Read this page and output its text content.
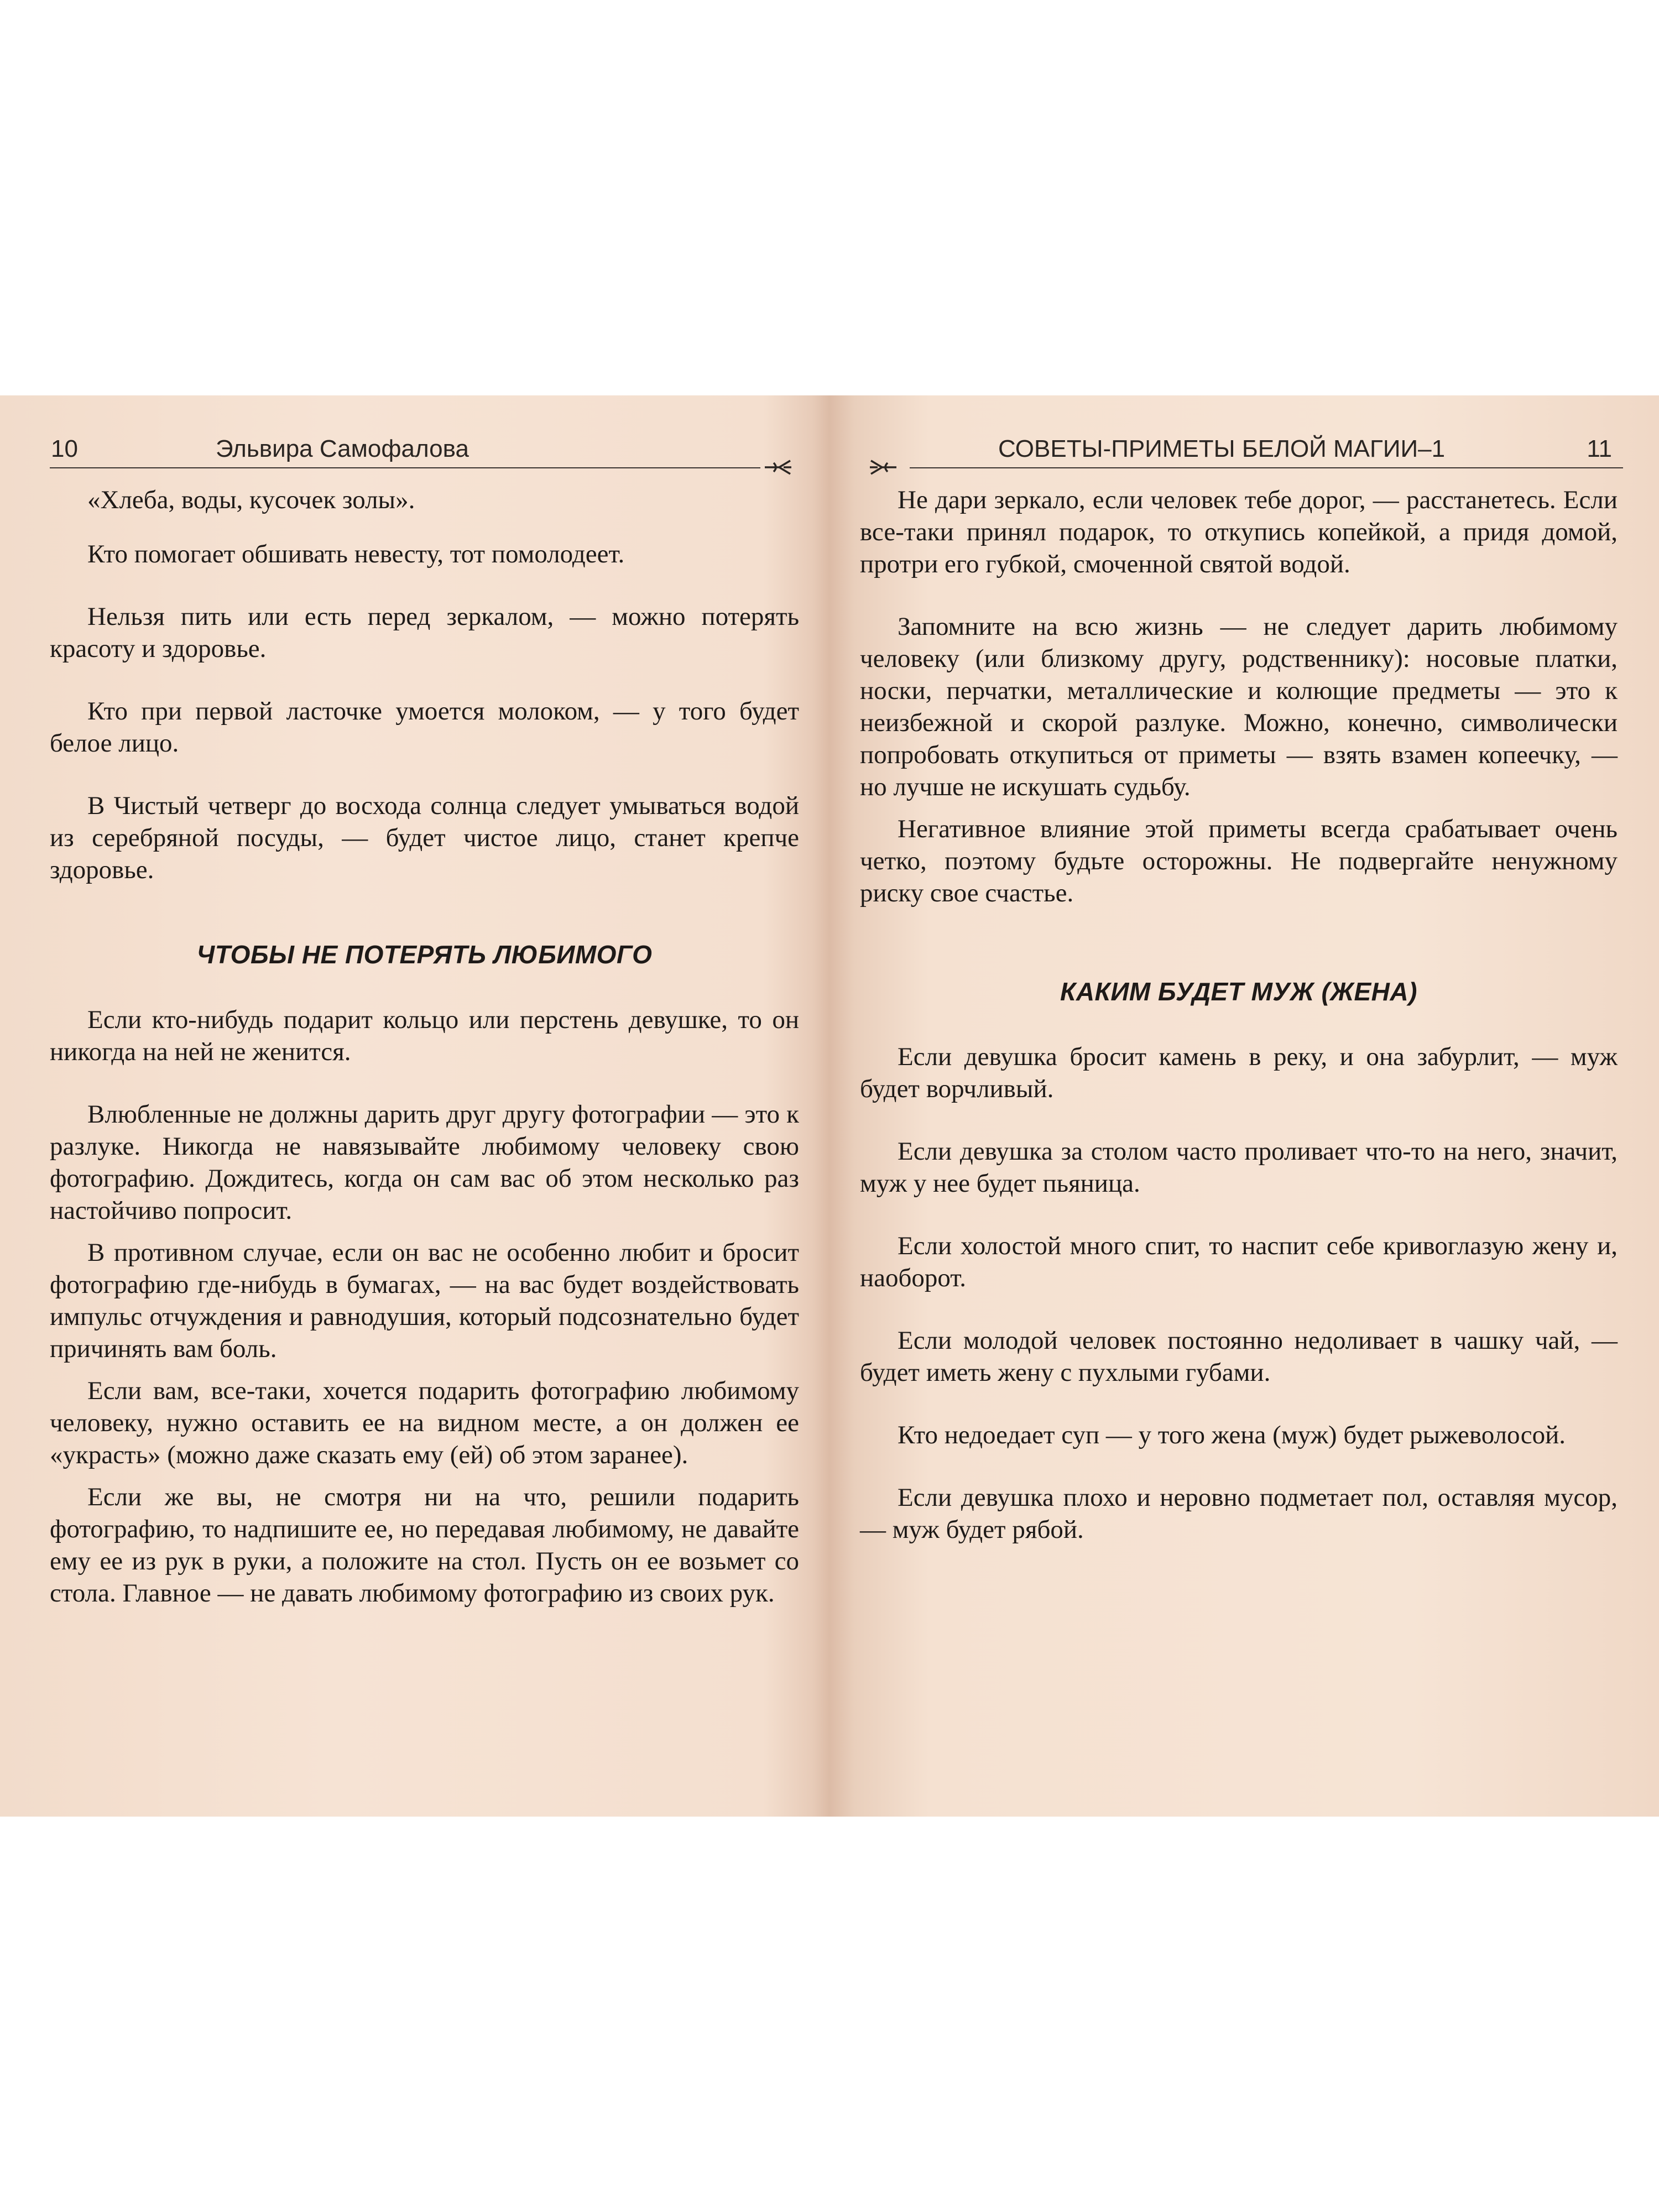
10	Эльвира Самофалова

«Хлеба, воды, кусочек золы».

Кто помогает обшивать невесту, тот помолодеет.

Нельзя пить или есть перед зеркалом, — можно потерять красоту и здоровье.

Кто при первой ласточке умоется молоком, — у того будет белое лицо.

В Чистый четверг до восхода солнца следует умываться водой из серебряной посуды, — будет чистое лицо, станет крепче здоровье.

ЧТОБЫ НЕ ПОТЕРЯТЬ ЛЮБИМОГО

Если кто-нибудь подарит кольцо или перстень девушке, то он никогда на ней не женится.

Влюбленные не должны дарить друг другу фотографии — это к разлуке. Никогда не навязывайте любимому человеку свою фотографию. Дождитесь, когда он сам вас об этом несколько раз настойчиво попросит.

В противном случае, если он вас не особенно любит и бросит фотографию где-нибудь в бумагах, — на вас будет воздействовать импульс отчуждения и равнодушия, который подсознательно будет причинять вам боль.

Если вам, все-таки, хочется подарить фотографию любимому человеку, нужно оставить ее на видном месте, а он должен ее «украсть» (можно даже сказать ему (ей) об этом заранее).

Если же вы, не смотря ни на что, решили подарить фотографию, то надпишите ее, но передавая любимому, не давайте ему ее из рук в руки, а положите на стол. Пусть он ее возьмет со стола. Главное — не давать любимому фотографию из своих рук.

СОВЕТЫ-ПРИМЕТЫ БЕЛОЙ МАГИИ–1	11

Не дари зеркало, если человек тебе дорог, — расстанетесь. Если все-таки принял подарок, то откупись копейкой, а придя домой, протри его губкой, смоченной святой водой.

Запомните на всю жизнь — не следует дарить любимому человеку (или близкому другу, родственнику): носовые платки, носки, перчатки, металлические и колющие предметы — это к неизбежной и скорой разлуке. Можно, конечно, символически попробовать откупиться от приметы — взять взамен копеечку, — но лучше не искушать судьбу.

Негативное влияние этой приметы всегда срабатывает очень четко, поэтому будьте осторожны. Не подвергайте ненужному риску свое счастье.

КАКИМ БУДЕТ МУЖ (ЖЕНА)

Если девушка бросит камень в реку, и она забурлит, — муж будет ворчливый.

Если девушка за столом часто проливает что-то на него, значит, муж у нее будет пьяница.

Если холостой много спит, то наспит себе кривоглазую жену и, наоборот.

Если молодой человек постоянно недоливает в чашку чай, — будет иметь жену с пухлыми губами.

Кто недоедает суп — у того жена (муж) будет рыжеволосой.

Если девушка плохо и неровно подметает пол, оставляя мусор, — муж будет рябой.
